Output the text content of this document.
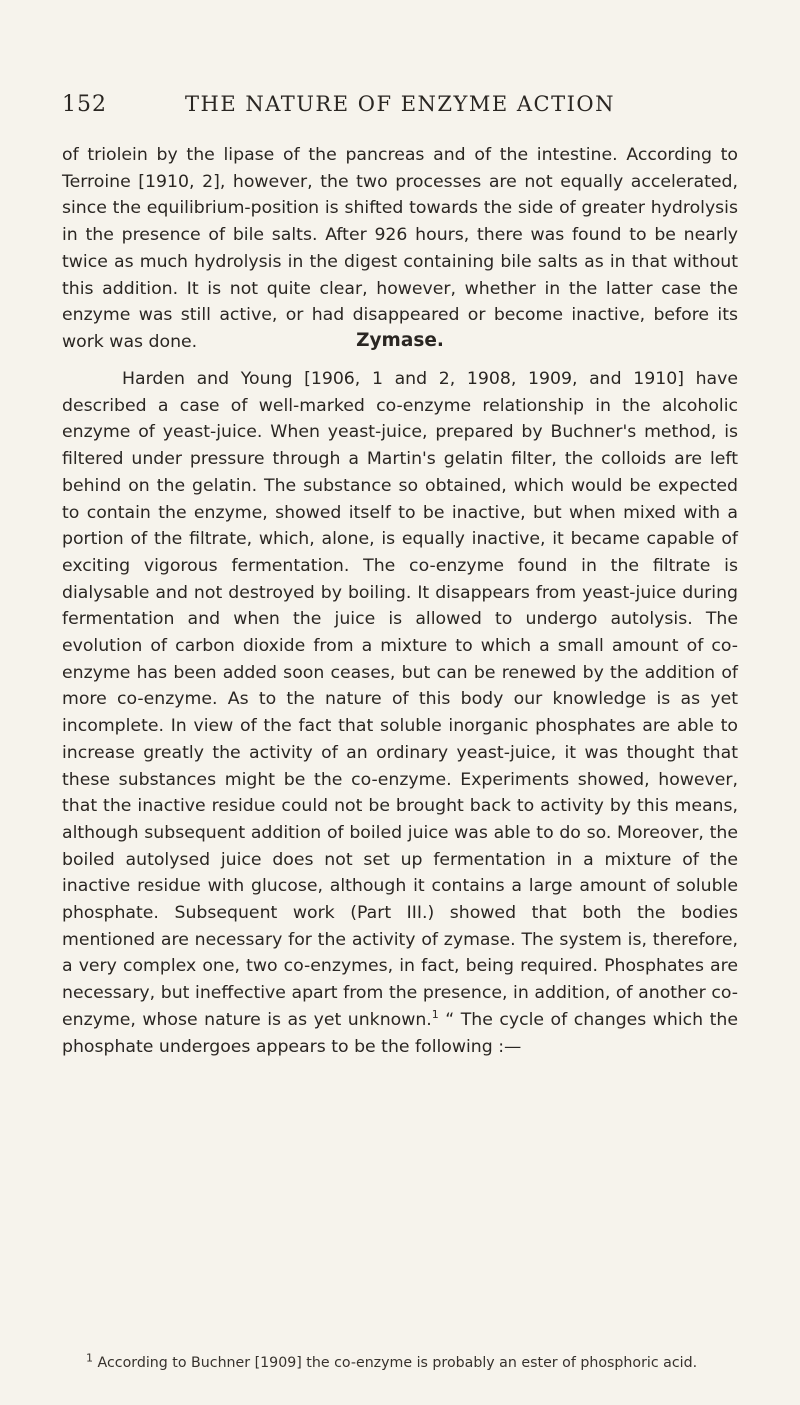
152	THE NATURE OF ENZYME ACTION

of triolein by the lipase of the pancreas and of the intestine. According to Terroine [1910, 2], however, the two processes are not equally accelerated, since the equilibrium-position is shifted towards the side of greater hydrolysis in the presence of bile salts. After 926 hours, there was found to be nearly twice as much hydrolysis in the digest containing bile salts as in that without this addition. It is not quite clear, however, whether in the latter case the enzyme was still active, or had disappeared or become inactive, before its work was done.	Zymase.

Harden and Young [1906, 1 and 2, 1908, 1909, and 1910] have described a case of well-marked co-enzyme relationship in the alcoholic enzyme of yeast-juice. When yeast-juice, prepared by Buchner's method, is filtered under pressure through a Martin's gelatin filter, the colloids are left behind on the gelatin. The substance so obtained, which would be expected to contain the enzyme, showed itself to be inactive, but when mixed with a portion of the filtrate, which, alone, is equally inactive, it became capable of exciting vigorous fermentation. The co-enzyme found in the filtrate is dialysable and not destroyed by boiling. It disappears from yeast-juice during fermentation and when the juice is allowed to undergo autolysis. The evolution of carbon dioxide from a mixture to which a small amount of co-enzyme has been added soon ceases, but can be renewed by the addition of more co-enzyme. As to the nature of this body our knowledge is as yet incomplete. In view of the fact that soluble inorganic phosphates are able to increase greatly the activity of an ordinary yeast-juice, it was thought that these substances might be the co-enzyme. Experiments showed, however, that the inactive residue could not be brought back to activity by this means, although subsequent addition of boiled juice was able to do so. Moreover, the boiled autolysed juice does not set up fermentation in a mixture of the inactive residue with glucose, although it contains a large amount of soluble phosphate. Subsequent work (Part III.) showed that both the bodies mentioned are necessary for the activity of zymase. The system is, therefore, a very complex one, two co-enzymes, in fact, being required. Phosphates are necessary, but ineffective apart from the presence, in addition, of another co-enzyme, whose nature is as yet unknown.$^1$ “ The cycle of changes which the phosphate undergoes appears to be the following :—

$^1$ According to Buchner [1909] the co-enzyme is probably an ester of phosphoric acid.
